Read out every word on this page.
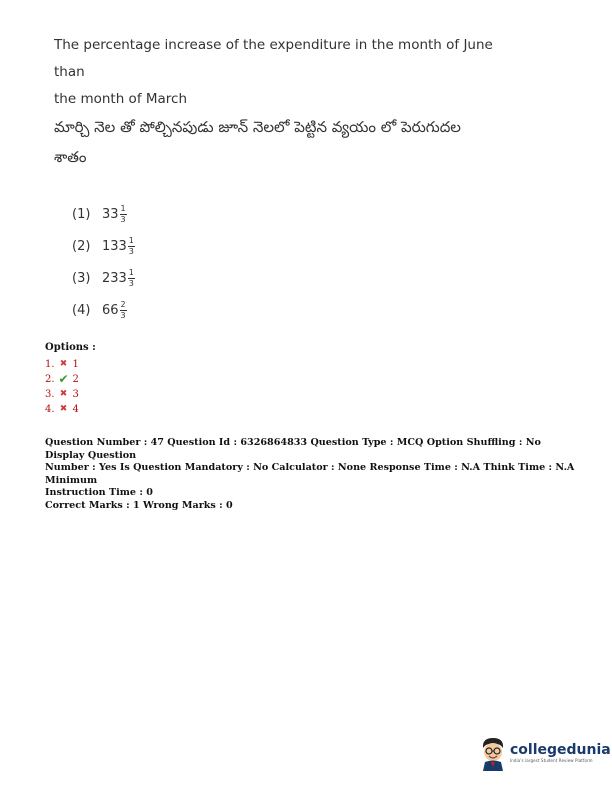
The percentage increase of the expenditure in the month of June than
the month of March
మార్చి నెల తో పోల్చినపుడు జూన్ నెలలో పెట్టిన వ్యయం లో పెరుగుదల
శాతం
(1) $33 \frac{1}{3}$
(2) $133 \frac{1}{3}$
(3) $233 \frac{1}{3}$
(4) $66 \frac{2}{3}$
Options :
1. ✖ 1
2. ✔ 2
3. ✖ 3
4. ✖ 4
Question Number : 47 Question Id : 6326864833 Question Type : MCQ Option Shuffling : No Display Question
Number : Yes Is Question Mandatory : No Calculator : None Response Time : N.A Think Time : N.A Minimum
Instruction Time : 0
Correct Marks : 1 Wrong Marks : 0
collegedunia
India's largest Student Review Platform
